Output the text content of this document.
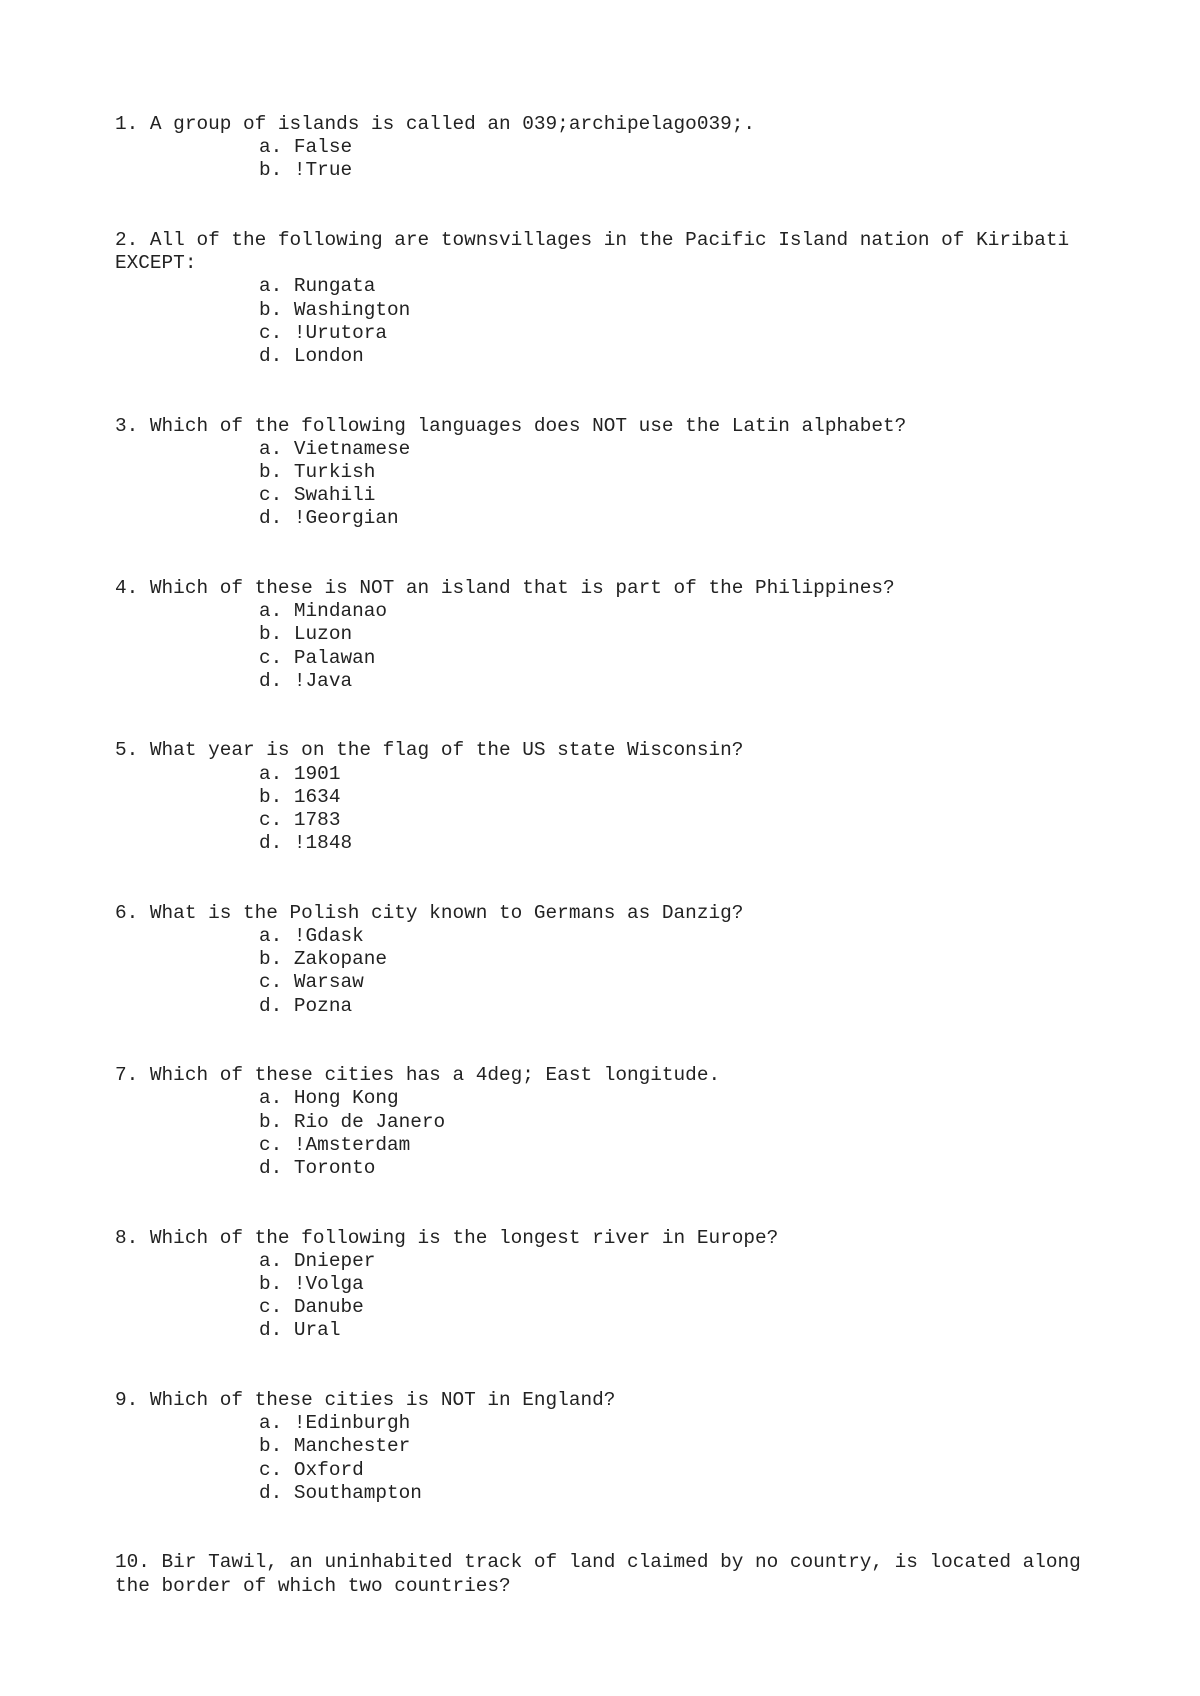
1. A group of islands is called an 039;archipelago039;.

a. False

b. !True

2. All of the following are townsvillages in the Pacific Island nation of Kiribati EXCEPT:

a. Rungata

b. Washington

c. !Urutora

d. London

3. Which of the following languages does NOT use the Latin alphabet?

a. Vietnamese

b. Turkish

c. Swahili

d. !Georgian

4. Which of these is NOT an island that is part of the Philippines?

a. Mindanao

b. Luzon

c. Palawan

d. !Java

5. What year is on the flag of the US state Wisconsin?

a. 1901

b. 1634

c. 1783

d. !1848

6. What is the Polish city known to Germans as Danzig?

a. !Gdask

b. Zakopane

c. Warsaw

d. Pozna

7. Which of these cities has a 4deg; East longitude.

a. Hong Kong

b. Rio de Janero

c. !Amsterdam

d. Toronto

8. Which of the following is the longest river in Europe?

a. Dnieper

b. !Volga

c. Danube

d. Ural

9. Which of these cities is NOT in England?

a. !Edinburgh

b. Manchester

c. Oxford

d. Southampton

10. Bir Tawil, an uninhabited track of land claimed by no country, is located along the border of which two countries?
